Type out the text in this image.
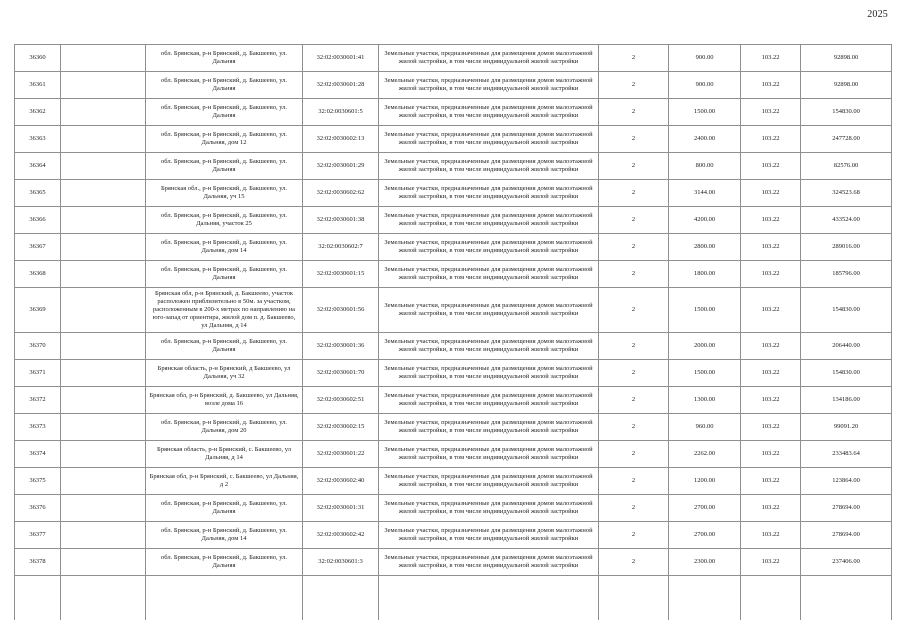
2025
36360		обл. Брянская, р-н Брянский, д. Бакшеево, ул. Дальняя	32:02:0030601:41	Земельные участки, предназначенные для размещения домов малоэтажной жилой застройки, в том числе индивидуальной жилой застройки	2	900.00	103.22	92898.00
36361		обл. Брянская, р-н Брянский, д. Бакшеево, ул. Дальняя	32:02:0030601:28	Земельные участки, предназначенные для размещения домов малоэтажной жилой застройки, в том числе индивидуальной жилой застройки	2	900.00	103.22	92898.00
36362		обл. Брянская, р-н Брянский, д. Бакшеево, ул. Дальняя	32:02:0030601:5	Земельные участки, предназначенные для размещения домов малоэтажной жилой застройки, в том числе индивидуальной жилой застройки	2	1500.00	103.22	154830.00
36363		обл. Брянская, р-н Брянский, д. Бакшеево, ул. Дальняя, дом 12	32:02:0030602:13	Земельные участки, предназначенные для размещения домов малоэтажной жилой застройки, в том числе индивидуальной жилой застройки	2	2400.00	103.22	247728.00
36364		обл. Брянская, р-н Брянский, д. Бакшеево, ул. Дальняя	32:02:0030601:29	Земельные участки, предназначенные для размещения домов малоэтажной жилой застройки, в том числе индивидуальной жилой застройки	2	800.00	103.22	82576.00
36365		Брянская обл., р-н Брянский, д. Бакшеево, ул. Дальняя, уч 15	32:02:0030602:62	Земельные участки, предназначенные для размещения домов малоэтажной жилой застройки, в том числе индивидуальной жилой застройки	2	3144.00	103.22	324523.68
36366		обл. Брянская, р-н Брянский, д. Бакшеево, ул. Дальняя, участок 25	32:02:0030601:38	Земельные участки, предназначенные для размещения домов малоэтажной жилой застройки, в том числе индивидуальной жилой застройки	2	4200.00	103.22	433524.00
36367		обл. Брянская, р-н Брянский, д. Бакшеево, ул. Дальняя, дом 14	32:02:0030602:7	Земельные участки, предназначенные для размещения домов малоэтажной жилой застройки, в том числе индивидуальной жилой застройки	2	2800.00	103.22	289016.00
36368		обл. Брянская, р-н Брянский, д. Бакшеево, ул. Дальняя	32:02:0030601:15	Земельные участки, предназначенные для размещения домов малоэтажной жилой застройки, в том числе индивидуальной жилой застройки	2	1800.00	103.22	185796.00
36369		Брянская обл, р-н Брянский, д. Бакшеево, участок расположен приблизительно в 50м. за участком, расположенным в 200-х метрах по направлению на юго-запад от ориентира, жилой дом п. д. Бакшеево, ул Дальняя, д 14	32:02:0030601:56	Земельные участки, предназначенные для размещения домов малоэтажной жилой застройки, в том числе индивидуальной жилой застройки	2	1500.00	103.22	154830.00
36370		обл. Брянская, р-н Брянский, д. Бакшеево, ул. Дальняя	32:02:0030601:36	Земельные участки, предназначенные для размещения домов малоэтажной жилой застройки, в том числе индивидуальной жилой застройки	2	2000.00	103.22	206440.00
36371		Брянская область, р-н Брянский, д Бакшеево, ул Дальняя, уч 32	32:02:0030601:70	Земельные участки, предназначенные для размещения домов малоэтажной жилой застройки, в том числе индивидуальной жилой застройки	2	1500.00	103.22	154830.00
36372		Брянская обл, р-н Брянский, д. Бакшеево, ул Дальняя, возле дома 16	32:02:0030602:51	Земельные участки, предназначенные для размещения домов малоэтажной жилой застройки, в том числе индивидуальной жилой застройки	2	1300.00	103.22	134186.00
36373		обл. Брянская, р-н Брянский, д. Бакшеево, ул. Дальняя, дом 20	32:02:0030602:15	Земельные участки, предназначенные для размещения домов малоэтажной жилой застройки, в том числе индивидуальной жилой застройки	2	960.00	103.22	99091.20
36374		Брянская область, р-н Брянский, с. Бакшеево, ул Дальняя, д 14	32:02:0030601:22	Земельные участки, предназначенные для размещения домов малоэтажной жилой застройки, в том числе индивидуальной жилой застройки	2	2262.00	103.22	233483.64
36375		Брянская обл, р-н Брянский, с. Бакшеево, ул Дальняя, д 2	32:02:0030602:40	Земельные участки, предназначенные для размещения домов малоэтажной жилой застройки, в том числе индивидуальной жилой застройки	2	1200.00	103.22	123864.00
36376		обл. Брянская, р-н Брянский, д. Бакшеево, ул. Дальняя	32:02:0030601:31	Земельные участки, предназначенные для размещения домов малоэтажной жилой застройки, в том числе индивидуальной жилой застройки	2	2700.00	103.22	278694.00
36377		обл. Брянская, р-н Брянский, д. Бакшеево, ул. Дальняя, дом 14	32:02:0030602:42	Земельные участки, предназначенные для размещения домов малоэтажной жилой застройки, в том числе индивидуальной жилой застройки	2	2700.00	103.22	278694.00
36378		обл. Брянская, р-н Брянский, д. Бакшеево, ул. Дальняя	32:02:0030601:3	Земельные участки, предназначенные для размещения домов малоэтажной жилой застройки, в том числе индивидуальной жилой застройки	2	2300.00	103.22	237406.00
